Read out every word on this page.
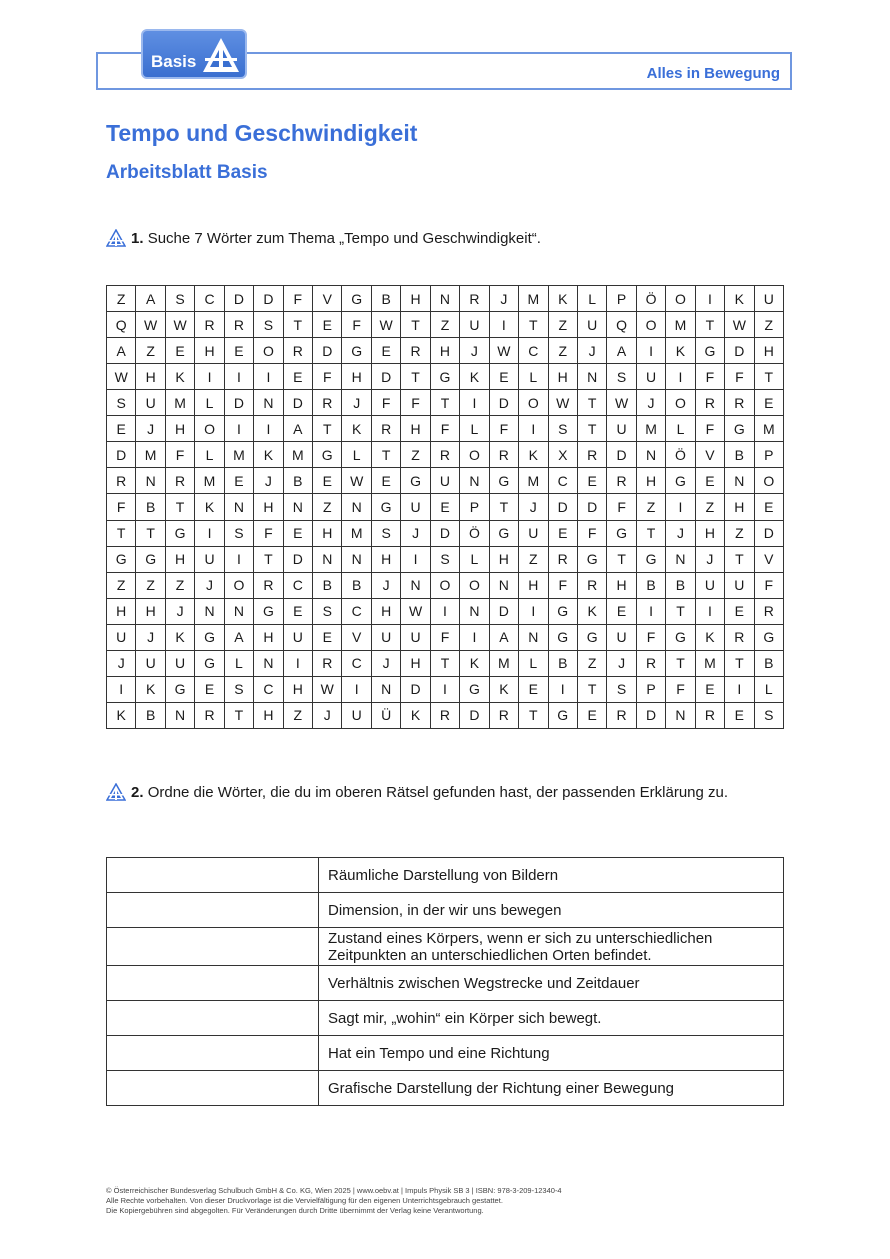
Alles in Bewegung
Basis
Tempo und Geschwindigkeit
Arbeitsblatt Basis
1. Suche 7 Wörter zum Thema „Tempo und Geschwindigkeit“.
Z	A	S	C	D	D	F	V	G	B	H	N	R	J	M	K	L	P	Ö	O	I	K	U
Q	W	W	R	R	S	T	E	F	W	T	Z	U	I	T	Z	U	Q	O	M	T	W	Z
A	Z	E	H	E	O	R	D	G	E	R	H	J	W	C	Z	J	A	I	K	G	D	H
W	H	K	I	I	I	E	F	H	D	T	G	K	E	L	H	N	S	U	I	F	F	T
S	U	M	L	D	N	D	R	J	F	F	T	I	D	O	W	T	W	J	O	R	R	E
E	J	H	O	I	I	A	T	K	R	H	F	L	F	I	S	T	U	M	L	F	G	M
D	M	F	L	M	K	M	G	L	T	Z	R	O	R	K	X	R	D	N	Ö	V	B	P
R	N	R	M	E	J	B	E	W	E	G	U	N	G	M	C	E	R	H	G	E	N	O
F	B	T	K	N	H	N	Z	N	G	U	E	P	T	J	D	D	F	Z	I	Z	H	E
T	T	G	I	S	F	E	H	M	S	J	D	Ö	G	U	E	F	G	T	J	H	Z	D
G	G	H	U	I	T	D	N	N	H	I	S	L	H	Z	R	G	T	G	N	J	T	V
Z	Z	Z	J	O	R	C	B	B	J	N	O	O	N	H	F	R	H	B	B	U	U	F
H	H	J	N	N	G	E	S	C	H	W	I	N	D	I	G	K	E	I	T	I	E	R
U	J	K	G	A	H	U	E	V	U	U	F	I	A	N	G	G	U	F	G	K	R	G
J	U	U	G	L	N	I	R	C	J	H	T	K	M	L	B	Z	J	R	T	M	T	B
I	K	G	E	S	C	H	W	I	N	D	I	G	K	E	I	T	S	P	F	E	I	L
K	B	N	R	T	H	Z	J	U	Ü	K	R	D	R	T	G	E	R	D	N	R	E	S
2. Ordne die Wörter, die du im oberen Rätsel gefunden hast, der passenden Erklärung zu.
	Räumliche Darstellung von Bildern
	Dimension, in der wir uns bewegen
	Zustand eines Körpers, wenn er sich zu unterschiedlichen Zeitpunkten an unterschiedlichen Orten befindet.
	Verhältnis zwischen Wegstrecke und Zeitdauer
	Sagt mir, „wohin“ ein Körper sich bewegt.
	Hat ein Tempo und eine Richtung
	Grafische Darstellung der Richtung einer Bewegung
© Österreichischer Bundesverlag Schulbuch GmbH & Co. KG, Wien 2025 | www.oebv.at | Impuls Physik SB 3 | ISBN: 978-3-209-12340-4
Alle Rechte vorbehalten. Von dieser Druckvorlage ist die Vervielfältigung für den eigenen Unterrichtsgebrauch gestattet.
Die Kopiergebühren sind abgegolten. Für Veränderungen durch Dritte übernimmt der Verlag keine Verantwortung.
